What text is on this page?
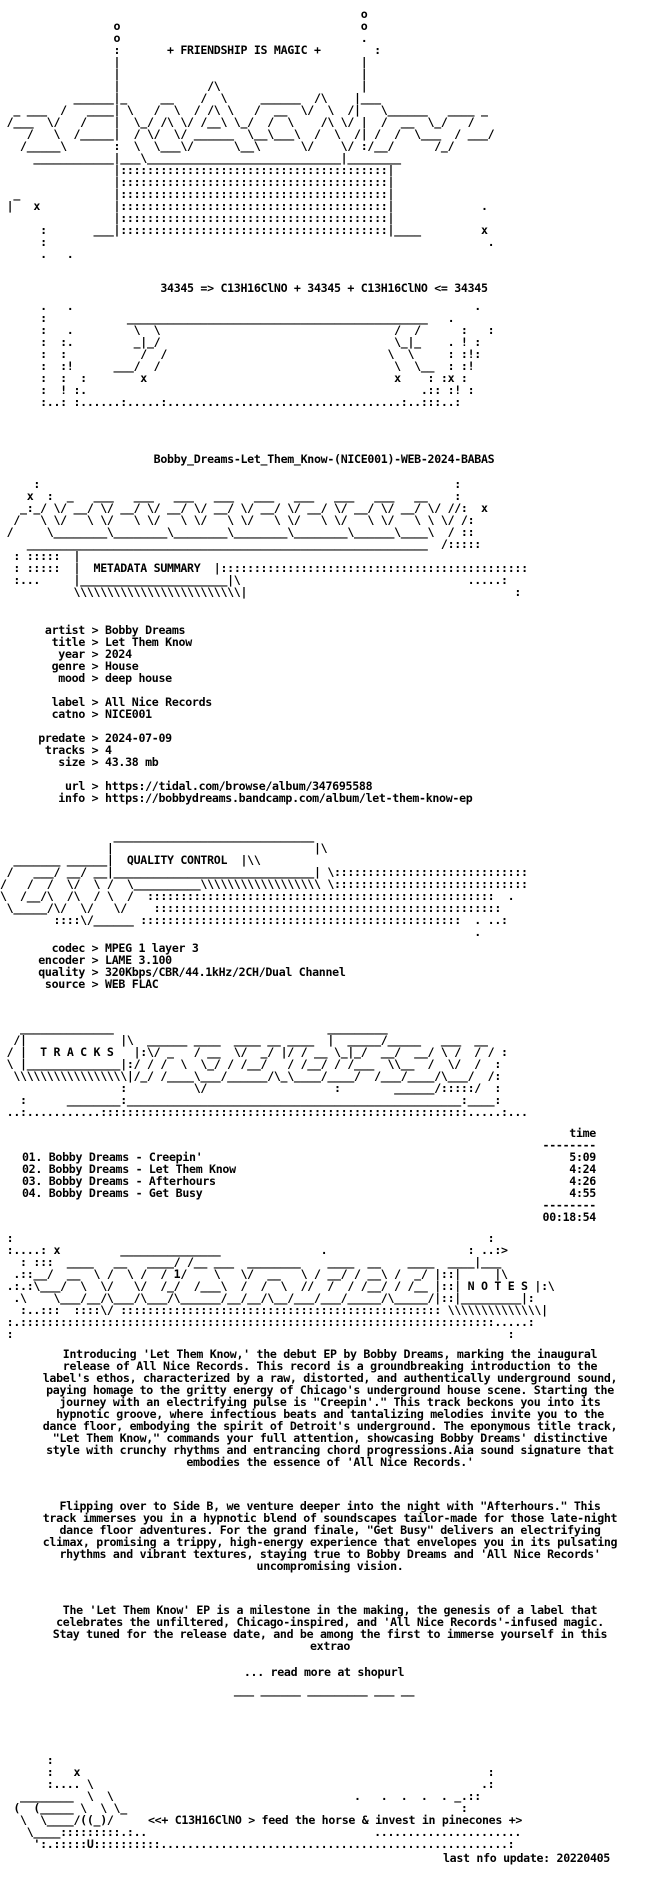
o
o                                    o
o                                    .
:	+ FRIENDSHIP IS MAGIC +	:
|                                    |
|                                    |
|             /\                     |
______|_     __    /  \     ______  /\    |___
_ ___  /   ____| \   /  \  / /\ \   /  __  \/  \  /|   \______   ____ _
/___  \/   /    |  \_/ /\ \/ /__\ \_/  /  \    /\ \/ |  /  __  \_/   /
/   \  /_____|  / \/  \/ ______  \__\___\  /  \  /| /  /  \___  / ___/
/_____\       :  \  \___\/      \__\      \/    \/ :/__/      /_/
____________|___\_____________________________|________
|::::::::::::::::::::::::::::::::::::::::|
|::::::::::::::::::::::::::::::::::::::::|
_              |::::::::::::::::::::::::::::::::::::::::|
|   x           |::::::::::::::::::::::::::::::::::::::::|             .
|::::::::::::::::::::::::::::::::::::::::|
:       ___|::::::::::::::::::::::::::::::::::::::::|____         x
:                                                                  .
.   .

34345 => C13H16ClNO + 34345 + C13H16ClNO <= 34345

.   .                                                            .
:            _____________________________________________   .
:   .         \  \                                   /  /      :   :
:  :.         _|_/                                   \_|_    . ! :
:  :           /  /                                 \  \     : :!:
:  :!      ___/  /                                   \  \__  : :!
:  :  :        x                                     x    : :x :
:  ! :.                                                  .:: :! :
:..: :......:.....:...................................:..:::..:

Bobby_Dreams-Let_Them_Know-(NICE001)-WEB-2024-BABAS

:                                                              :
x  :  _   ___   ___   ___   ___   ___   ___   ___   ___   __    :
_:_/ \/ __/ \/ __/ \/ __/ \/ __/ \/ __/ \/ __/ \/ __/ \/ __/ \/ //:  x
/   \ \/   \ \/   \ \/   \ \/   \ \/   \ \/   \ \/   \ \/   \ \ \/ /:
/     \________\________\________\________\________\______\____\  / ::
____________________________________________________________  /:::::
: :::::  |

: :::::  |  METADATA SUMMARY  |::::::::::::::::::::::::::::::::::::::::::::::
:...     |______________________|\                                  .....:
\\\\\\\\\\\\\\\\\\\\\\\\\|                                        :

artist > Bobby Dreams

title > Let Them Know

year > 2024

genre > House

mood > deep house

label > All Nice Records

catno > NICE001

predate > 2024-07-09

tracks > 4

size > 43.38 mb

url > https://tidal.com/browse/album/347695588

info > https://bobbydreams.bandcamp.com/album/let-them-know-ep

______________________________
|                              |\
_______ ______|  QUALITY CONTROL  |\\
/   ___/ __/ __|______________________________| \:::::::::::::::::::::::::::::
/   /  /  \/  \ /  \__________\\\\\\\\\\\\\\\\\\ \:::::::::::::::::::::::::::::
\  /__/\  /\  / \  /  ::::::::::::::::::::::::::::::::::::::::::::::::::::  .
\_____/\/  \/   \/    ::::::::::::::::::::::::::::::::::::::::::::::::::::
::::\/______ ::::::::::::::::::::::::::::::::::::::::::::::::  . ..:
.

codec > MPEG 1 layer 3

encoder > LAME 3.100

quality > 320Kbps/CBR/44.1kHz/2CH/Dual Channel

source > WEB FLAC

______________                                _________
/|              |\  ______ ____  ____ __ ____  |  _____/_____   ___  __
/ |  T R A C K S   |:\/ _   / __  \/  _/ |/ / __ \_|_/  __/  __/ \ /  / / :
\ |______________|:/ / /  \  \_/ / /__/   / /__/ / /___  \\__  /  \/  /  :
\\\\\\\\\\\\\\\\\|/_/ /____\___/______/\_\____/____/  /___/____/\___/  /:
:          \/                   :        ______/:::::/  :
:      ________:__________________________________________________:____:
..:...........:::::::::::::::::::::::::::::::::::::::::::::::::::::::.....:...

time

--------

01. Bobby Dreams - Creepin'	5:09

02. Bobby Dreams - Let Them Know	4:24

03. Bobby Dreams - Afterhours	4:26

04. Bobby Dreams - Get Busy	4:55

--------

00:18:54

:                                                                       :
:....: x         _______________               .                     : ..:>
: :::  ____   __   ____/ /__ ___  ________    ____  __    ____  ____|___
.::__/  __  \ /  \ /  / 1/    \   \/  __   \ / __/ / __\ /  _/ |::|     |\
.:.:\___/  \  \/   \/  /_/  /___\  /  /  \  //  /  / /__/ / /__ |::| N O T E S |:\
.\    \___/__/\___/\___/\______/__/__/\__/___/___/_____/\_____/|::|_________|:
:..:::  ::::\/ :::::::::::::::::::::::::::::::::::::::::::::::: \\\\\\\\\\\\\\|
:.:::::::::::::::::::::::::::::::::::::::::::::::::::::::::::::::::::::::.....:
:                                                                          :

Introducing 'Let Them Know,' the debut EP by Bobby Dreams, marking the inaugural release of All Nice Records. This record is a groundbreaking introduction to the label's ethos, characterized by a raw, distorted, and authentically underground sound, paying homage to the gritty energy of Chicago's underground house scene. Starting the journey with an electrifying pulse is "Creepin'." This track beckons you into its hypnotic groove, where infectious beats and tantalizing melodies invite you to the dance floor, embodying the spirit of Detroit's underground. The eponymous title track, "Let Them Know," commands your full attention, showcasing Bobby Dreams' distinctive style with crunchy rhythms and entrancing chord progressions.Aia sound signature that embodies the essence of 'All Nice Records.'

Flipping over to Side B, we venture deeper into the night with "Afterhours." This track immerses you in a hypnotic blend of soundscapes tailor-made for those late-night dance floor adventures. For the grand finale, "Get Busy" delivers an electrifying climax, promising a trippy, high-energy experience that envelopes you in its pulsating rhythms and vibrant textures, staying true to Bobby Dreams and 'All Nice Records' uncompromising vision.

The 'Let Them Know' EP is a milestone in the making, the genesis of a label that celebrates the unfiltered, Chicago-inspired, and 'All Nice Records'-infused magic. Stay tuned for the release date, and be among the first to immerse yourself in this extrao

... read more at shopurl

___ ______ _________ ___ __

:
:   x                                                             :
:.... \                                                          .:
________  \  \                                    .   .  .  .  . _.::
(  (_____ \  \ \_                                                  :
\  \____/((_)/	<<+ C13H16ClNO > feed the horse & invest in pinecones +>

\____:::::::::.:..                                  ......................
':.:::::U::::::::::....................................................:

last nfo update: 20220405
